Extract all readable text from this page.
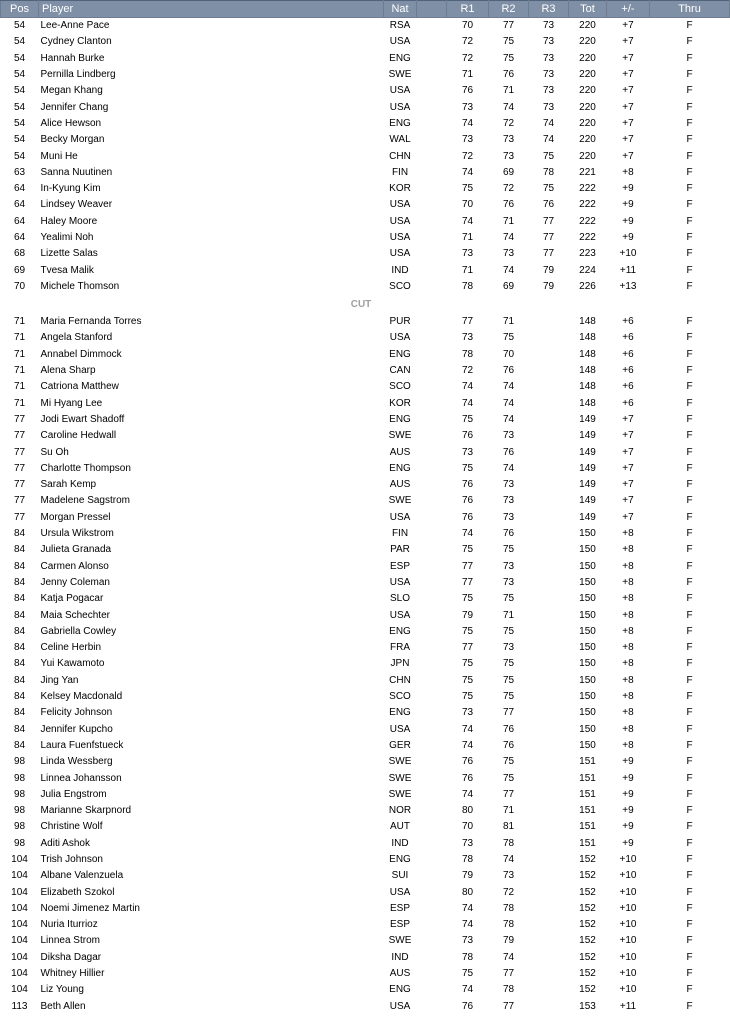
Pos	Player	Nat		R1	R2	R3	Tot	+/-	Thru
54	Lee-Anne Pace	RSA		70	77	73	220	+7	F
54	Cydney Clanton	USA		72	75	73	220	+7	F
54	Hannah Burke	ENG		72	75	73	220	+7	F
54	Pernilla Lindberg	SWE		71	76	73	220	+7	F
54	Megan Khang	USA		76	71	73	220	+7	F
54	Jennifer Chang	USA		73	74	73	220	+7	F
54	Alice Hewson	ENG		74	72	74	220	+7	F
54	Becky Morgan	WAL		73	73	74	220	+7	F
54	Muni He	CHN		72	73	75	220	+7	F
63	Sanna Nuutinen	FIN		74	69	78	221	+8	F
64	In-Kyung Kim	KOR		75	72	75	222	+9	F
64	Lindsey Weaver	USA		70	76	76	222	+9	F
64	Haley Moore	USA		74	71	77	222	+9	F
64	Yealimi Noh	USA		71	74	77	222	+9	F
68	Lizette Salas	USA		73	73	77	223	+10	F
69	Tvesa Malik	IND		71	74	79	224	+11	F
70	Michele Thomson	SCO		78	69	79	226	+13	F
CUT									
71	Maria Fernanda Torres	PUR		77	71		148	+6	F
71	Angela Stanford	USA		73	75		148	+6	F
71	Annabel Dimmock	ENG		78	70		148	+6	F
71	Alena Sharp	CAN		72	76		148	+6	F
71	Catriona Matthew	SCO		74	74		148	+6	F
71	Mi Hyang Lee	KOR		74	74		148	+6	F
77	Jodi Ewart Shadoff	ENG		75	74		149	+7	F
77	Caroline Hedwall	SWE		76	73		149	+7	F
77	Su Oh	AUS		73	76		149	+7	F
77	Charlotte Thompson	ENG		75	74		149	+7	F
77	Sarah Kemp	AUS		76	73		149	+7	F
77	Madelene Sagstrom	SWE		76	73		149	+7	F
77	Morgan Pressel	USA		76	73		149	+7	F
84	Ursula Wikstrom	FIN		74	76		150	+8	F
84	Julieta Granada	PAR		75	75		150	+8	F
84	Carmen Alonso	ESP		77	73		150	+8	F
84	Jenny Coleman	USA		77	73		150	+8	F
84	Katja Pogacar	SLO		75	75		150	+8	F
84	Maia Schechter	USA		79	71		150	+8	F
84	Gabriella Cowley	ENG		75	75		150	+8	F
84	Celine Herbin	FRA		77	73		150	+8	F
84	Yui Kawamoto	JPN		75	75		150	+8	F
84	Jing Yan	CHN		75	75		150	+8	F
84	Kelsey Macdonald	SCO		75	75		150	+8	F
84	Felicity Johnson	ENG		73	77		150	+8	F
84	Jennifer Kupcho	USA		74	76		150	+8	F
84	Laura Fuenfstueck	GER		74	76		150	+8	F
98	Linda Wessberg	SWE		76	75		151	+9	F
98	Linnea Johansson	SWE		76	75		151	+9	F
98	Julia Engstrom	SWE		74	77		151	+9	F
98	Marianne Skarpnord	NOR		80	71		151	+9	F
98	Christine Wolf	AUT		70	81		151	+9	F
98	Aditi Ashok	IND		73	78		151	+9	F
104	Trish Johnson	ENG		78	74		152	+10	F
104	Albane Valenzuela	SUI		79	73		152	+10	F
104	Elizabeth Szokol	USA		80	72		152	+10	F
104	Noemi Jimenez Martin	ESP		74	78		152	+10	F
104	Nuria Iturrioz	ESP		74	78		152	+10	F
104	Linnea Strom	SWE		73	79		152	+10	F
104	Diksha Dagar	IND		78	74		152	+10	F
104	Whitney Hillier	AUS		75	77		152	+10	F
104	Liz Young	ENG		74	78		152	+10	F
113	Beth Allen	USA		76	77		153	+11	F
